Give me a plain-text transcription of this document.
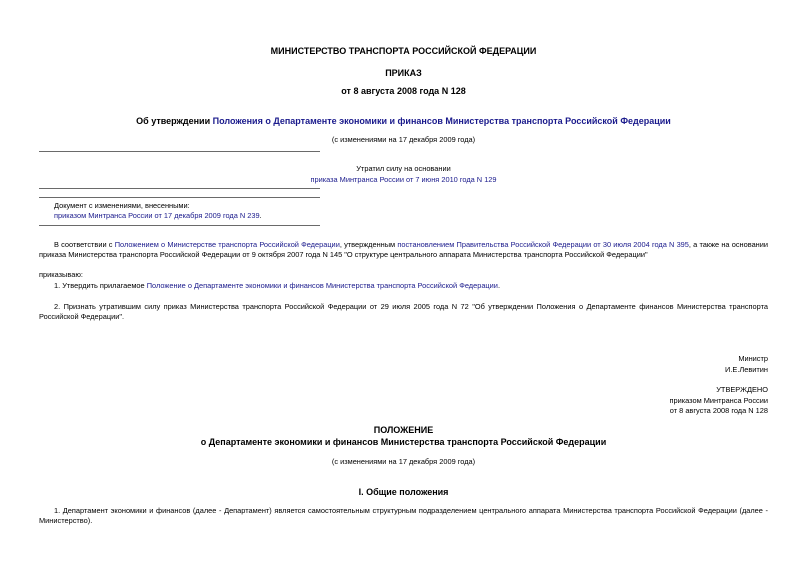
МИНИСТЕРСТВО ТРАНСПОРТА РОССИЙСКОЙ ФЕДЕРАЦИИ
ПРИКАЗ
от 8 августа 2008 года N 128
Об утверждении Положения о Департаменте экономики и финансов Министерства транспорта Российской Федерации
(с изменениями на 17 декабря 2009 года)
Утратил силу на основании
приказа Минтранса России от 7 июня 2010 года N 129
Документ с изменениями, внесенными:
приказом Минтранса России от 17 декабря 2009 года N 239.
В соответствии с Положением о Министерстве транспорта Российской Федерации, утвержденным постановлением Правительства Российской Федерации от 30 июля 2004 года N 395, а также на основании приказа Министерства транспорта Российской Федерации от 9 октября 2007 года N 145 "О структуре центрального аппарата Министерства транспорта Российской Федерации"
приказываю:
1. Утвердить прилагаемое Положение о Департаменте экономики и финансов Министерства транспорта Российской Федерации.
2. Признать утратившим силу приказ Министерства транспорта Российской Федерации от 29 июля 2005 года N 72 "Об утверждении Положения о Департаменте финансов Министерства транспорта Российской Федерации".
Министр
И.Е.Левитин
УТВЕРЖДЕНО
приказом Минтранса России
от 8 августа 2008 года N 128
ПОЛОЖЕНИЕ
о Департаменте экономики и финансов Министерства транспорта Российской Федерации
(с изменениями на 17 декабря 2009 года)
I. Общие положения
1. Департамент экономики и финансов (далее - Департамент) является самостоятельным структурным подразделением центрального аппарата Министерства транспорта Российской Федерации (далее - Министерство).
